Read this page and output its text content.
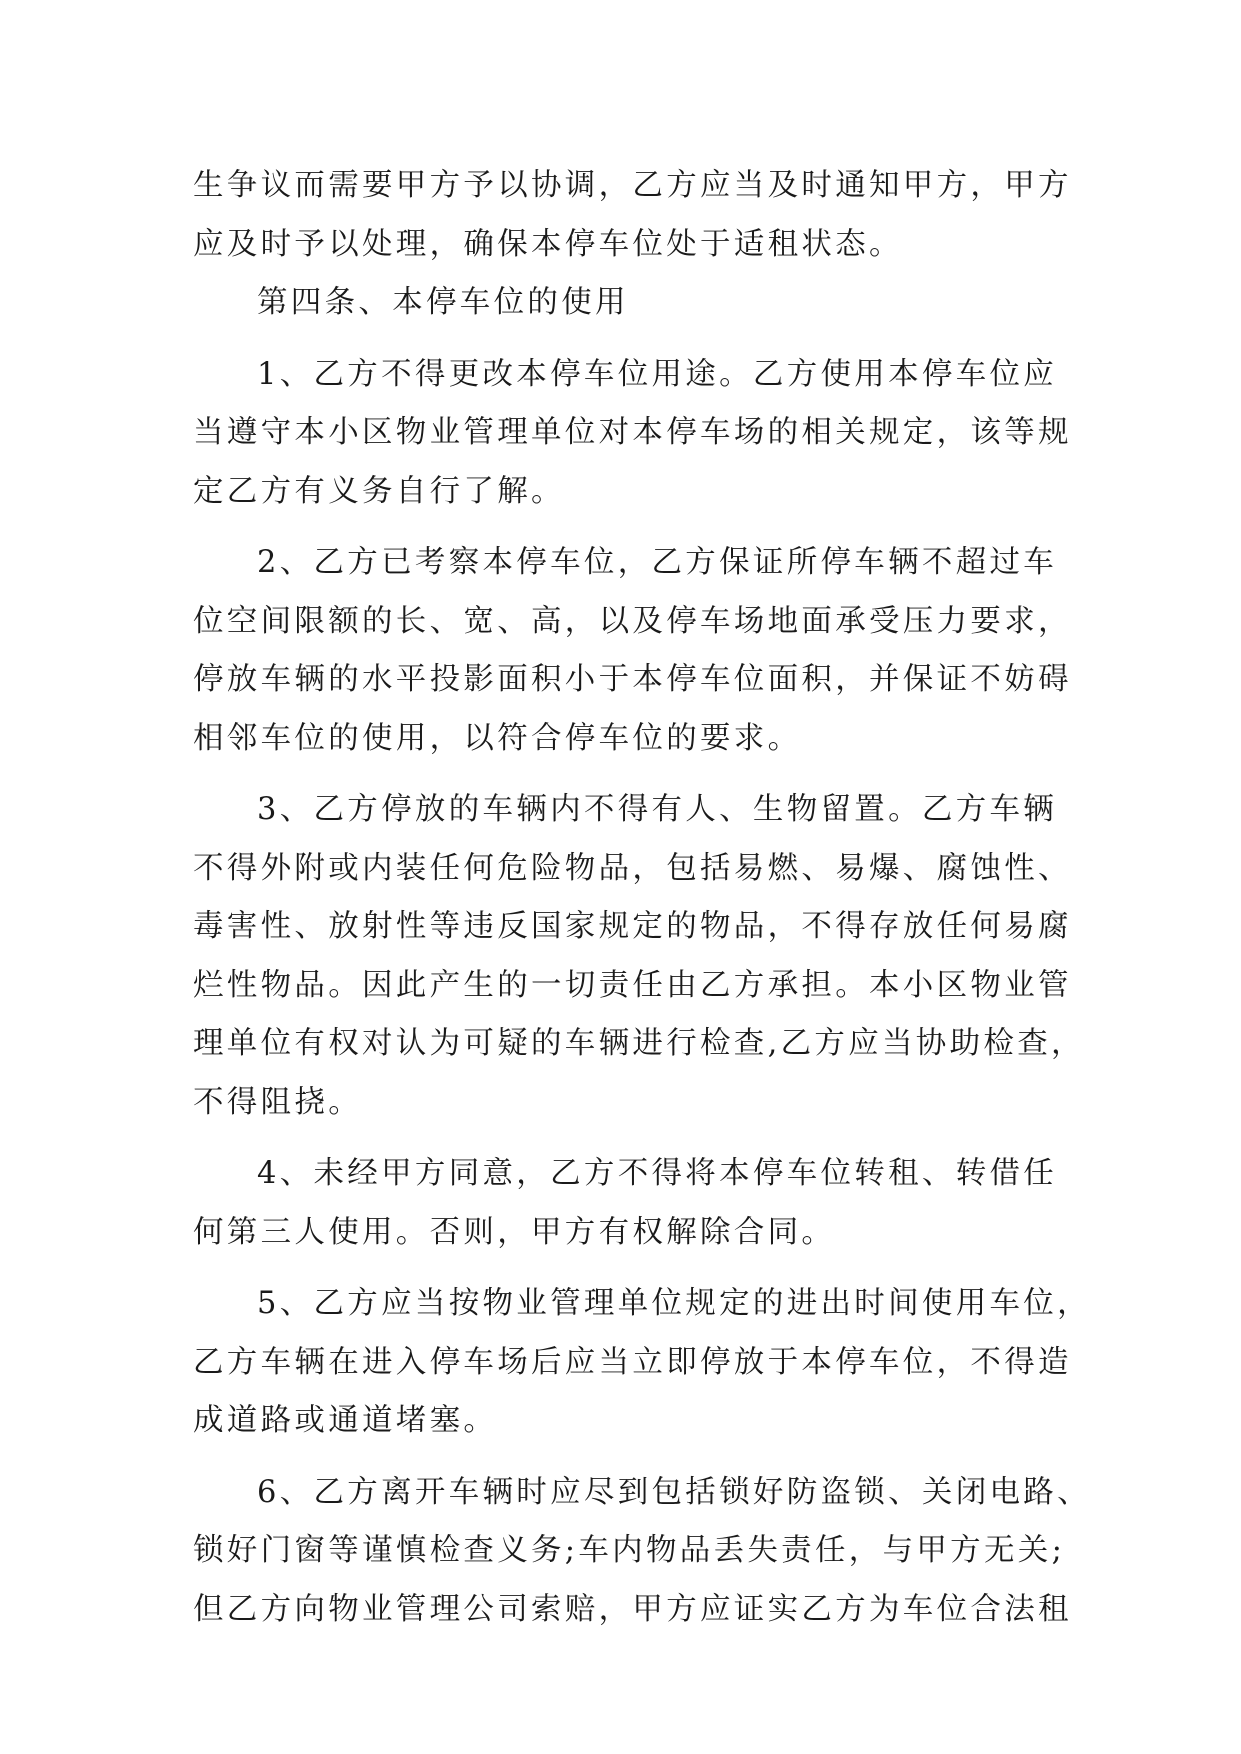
生争议而需要甲方予以协调，乙方应当及时通知甲方，甲方
应及时予以处理，确保本停车位处于适租状态。
第四条、本停车位的使用
1、乙方不得更改本停车位用途。乙方使用本停车位应
当遵守本小区物业管理单位对本停车场的相关规定，该等规
定乙方有义务自行了解。
2、乙方已考察本停车位，乙方保证所停车辆不超过车
位空间限额的长、宽、高，以及停车场地面承受压力要求，
停放车辆的水平投影面积小于本停车位面积，并保证不妨碍
相邻车位的使用，以符合停车位的要求。
3、乙方停放的车辆内不得有人、生物留置。乙方车辆
不得外附或内装任何危险物品，包括易燃、易爆、腐蚀性、
毒害性、放射性等违反国家规定的物品，不得存放任何易腐
烂性物品。因此产生的一切责任由乙方承担。本小区物业管
理单位有权对认为可疑的车辆进行检查,乙方应当协助检查，
不得阻挠。
4、未经甲方同意，乙方不得将本停车位转租、转借任
何第三人使用。否则，甲方有权解除合同。
5、乙方应当按物业管理单位规定的进出时间使用车位，
乙方车辆在进入停车场后应当立即停放于本停车位，不得造
成道路或通道堵塞。
6、乙方离开车辆时应尽到包括锁好防盗锁、关闭电路、
锁好门窗等谨慎检查义务;车内物品丢失责任，与甲方无关;
但乙方向物业管理公司索赔，甲方应证实乙方为车位合法租
